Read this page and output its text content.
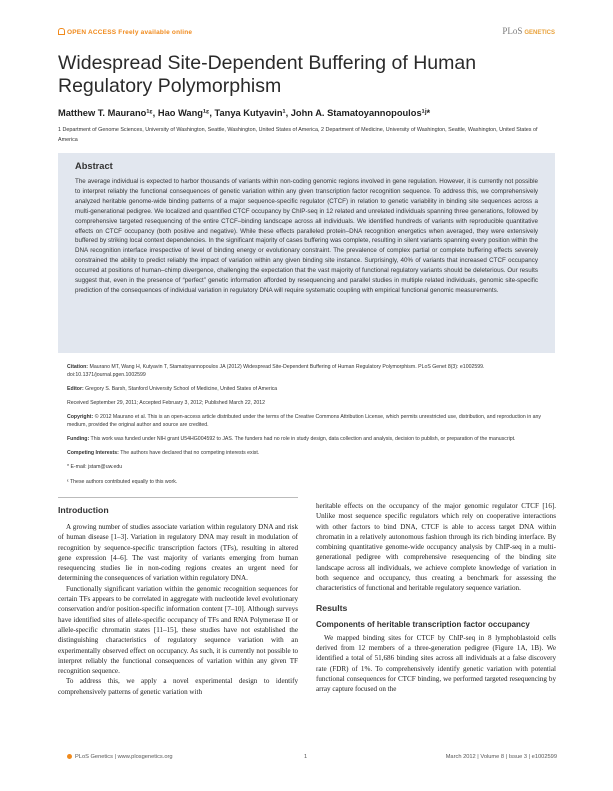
OPEN ACCESS Freely available online	PLoS GENETICS
Widespread Site-Dependent Buffering of Human Regulatory Polymorphism
Matthew T. Maurano¹ᵋ, Hao Wang¹ᵋ, Tanya Kutyavin¹, John A. Stamatoyannopoulos¹ʲ*
1 Department of Genome Sciences, University of Washington, Seattle, Washington, United States of America, 2 Department of Medicine, University of Washington, Seattle, Washington, United States of America
Abstract

The average individual is expected to harbor thousands of variants within non-coding genomic regions involved in gene regulation. However, it is currently not possible to interpret reliably the functional consequences of genetic variation within any given transcription factor recognition sequence. To address this, we comprehensively analyzed heritable genome-wide binding patterns of a major sequence-specific regulator (CTCF) in relation to genetic variability in binding site sequences across a multi-generational pedigree. We localized and quantified CTCF occupancy by ChIP-seq in 12 related and unrelated individuals spanning three generations, followed by comprehensive targeted resequencing of the entire CTCF–binding landscape across all individuals. We identified hundreds of variants with reproducible quantitative effects on CTCF occupancy (both positive and negative). While these effects paralleled protein–DNA recognition energetics when averaged, they were extensively buffered by striking local context dependencies. In the significant majority of cases buffering was complete, resulting in silent variants spanning every position within the DNA recognition interface irrespective of level of binding energy or evolutionary constraint. The prevalence of complex partial or complete buffering effects severely constrained the ability to predict reliably the impact of variation within any given binding site instance. Surprisingly, 40% of variants that increased CTCF occupancy occurred at positions of human–chimp divergence, challenging the expectation that the vast majority of functional regulatory variants should be deleterious. Our results suggest that, even in the presence of “perfect” genetic information afforded by resequencing and parallel studies in multiple related individuals, genomic site-specific prediction of the consequences of individual variation in regulatory DNA will require systematic coupling with empirical functional genomic measurements.

Citation: Maurano MT, Wang H, Kutyavin T, Stamatoyannopoulos JA (2012) Widespread Site-Dependent Buffering of Human Regulatory Polymorphism. PLoS Genet 8(3): e1002599. doi:10.1371/journal.pgen.1002599

Editor: Gregory S. Barsh, Stanford University School of Medicine, United States of America

Received September 29, 2011; Accepted February 3, 2012; Published March 22, 2012

Copyright: © 2012 Maurano et al. This is an open-access article distributed under the terms of the Creative Commons Attribution License, which permits unrestricted use, distribution, and reproduction in any medium, provided the original author and source are credited.

Funding: This work was funded under NIH grant U54HG004592 to JAS. The funders had no role in study design, data collection and analysis, decision to publish, or preparation of the manuscript.

Competing Interests: The authors have declared that no competing interests exist.

* E-mail: jstam@uw.edu

ᵋ These authors contributed equally to this work.

Introduction

A growing number of studies associate variation within regulatory DNA and risk of human disease [1–3]. Variation in regulatory DNA may result in modulation of recognition by sequence-specific transcription factors (TFs), resulting in altered gene expression [4–6]. The vast majority of variants emerging from human resequencing studies lie in non-coding regions creates an urgent need for determining the consequences of variation within regulatory DNA.

Functionally significant variation within the genomic recognition sequences for certain TFs appears to be correlated in aggregate with nucleotide level evolutionary conservation and/or position-specific information content [7–10]. Although surveys have identified sites of allele-specific occupancy of TFs and RNA Polymerase II or allele-specific chromatin states [11–15], these studies have not established the distinguishing characteristics of regulatory sequence variation with an experimentally observed effect on occupancy. As such, it is currently not possible to interpret reliably the functional consequences of variation within any given TF recognition sequence.

To address this, we apply a novel experimental design to identify comprehensively patterns of genetic variation with

heritable effects on the occupancy of the major genomic regulator CTCF [16]. Unlike most sequence specific regulators which rely on cooperative interactions with other factors to bind DNA, CTCF is able to access target DNA within chromatin in a relatively autonomous fashion through its rich binding interface. By combining quantitative genome-wide occupancy analysis by ChIP-seq in a multi-generational pedigree with comprehensive resequencing of the binding site landscape across all individuals, we achieve complete knowledge of variation in both sequence and occupancy, thus creating a benchmark for assessing the characteristics of functional and heritable regulatory sequence variation.

Results
Components of heritable transcription factor occupancy

We mapped binding sites for CTCF by ChIP-seq in 8 lymphoblastoid cells derived from 12 members of a three-generation pedigree (Figure 1A, 1B). We identified a total of 51,686 binding sites across all individuals at a false discovery rate (FDR) of 1%. To comprehensively identify genetic variation with potential functional consequences for CTCF binding, we performed targeted resequencing by array capture focused on the

PLoS Genetics | www.plosgenetics.org	1	March 2012 | Volume 8 | Issue 3 | e1002599
